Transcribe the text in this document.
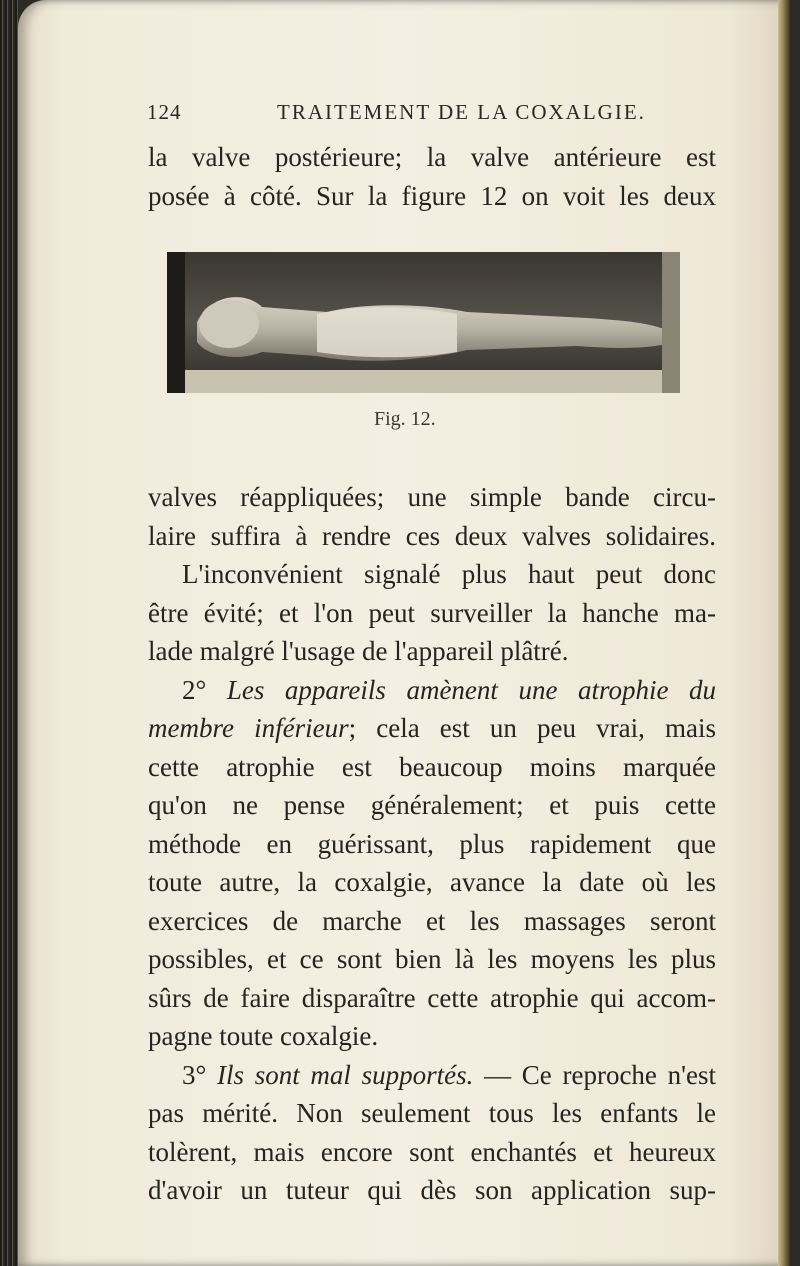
124	TRAITEMENT DE LA COXALGIE.
la valve postérieure; la valve antérieure est
posée à côté. Sur la figure 12 on voit les deux
Fig. 12.
valves réappliquées; une simple bande circu-
laire suffira à rendre ces deux valves solidaires.
L'inconvénient signalé plus haut peut donc
être évité; et l'on peut surveiller la hanche ma-
lade malgré l'usage de l'appareil plâtré.
2° Les appareils amènent une atrophie du
membre inférieur; cela est un peu vrai, mais
cette atrophie est beaucoup moins marquée
qu'on ne pense généralement; et puis cette
méthode en guérissant, plus rapidement que
toute autre, la coxalgie, avance la date où les
exercices de marche et les massages seront
possibles, et ce sont bien là les moyens les plus
sûrs de faire disparaître cette atrophie qui accom-
pagne toute coxalgie.
3° Ils sont mal supportés. — Ce reproche n'est
pas mérité. Non seulement tous les enfants le
tolèrent, mais encore sont enchantés et heureux
d'avoir un tuteur qui dès son application sup-
